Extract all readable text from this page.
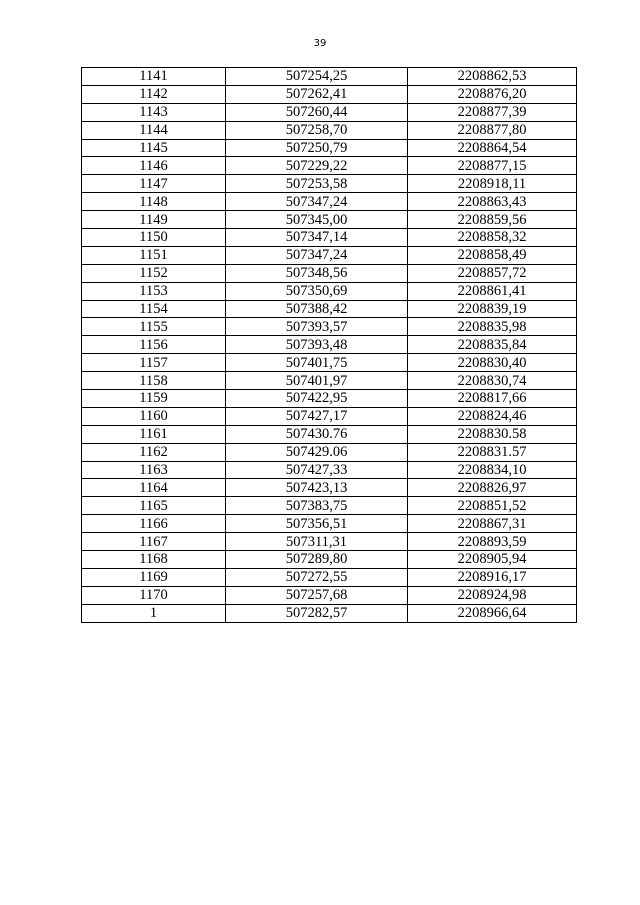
39
1141	507254,25	2208862,53
1142	507262,41	2208876,20
1143	507260,44	2208877,39
1144	507258,70	2208877,80
1145	507250,79	2208864,54
1146	507229,22	2208877,15
1147	507253,58	2208918,11
1148	507347,24	2208863,43
1149	507345,00	2208859,56
1150	507347,14	2208858,32
1151	507347,24	2208858,49
1152	507348,56	2208857,72
1153	507350,69	2208861,41
1154	507388,42	2208839,19
1155	507393,57	2208835,98
1156	507393,48	2208835,84
1157	507401,75	2208830,40
1158	507401,97	2208830,74
1159	507422,95	2208817,66
1160	507427,17	2208824,46
1161	507430.76	2208830.58
1162	507429.06	2208831.57
1163	507427,33	2208834,10
1164	507423,13	2208826,97
1165	507383,75	2208851,52
1166	507356,51	2208867,31
1167	507311,31	2208893,59
1168	507289,80	2208905,94
1169	507272,55	2208916,17
1170	507257,68	2208924,98
1	507282,57	2208966,64
